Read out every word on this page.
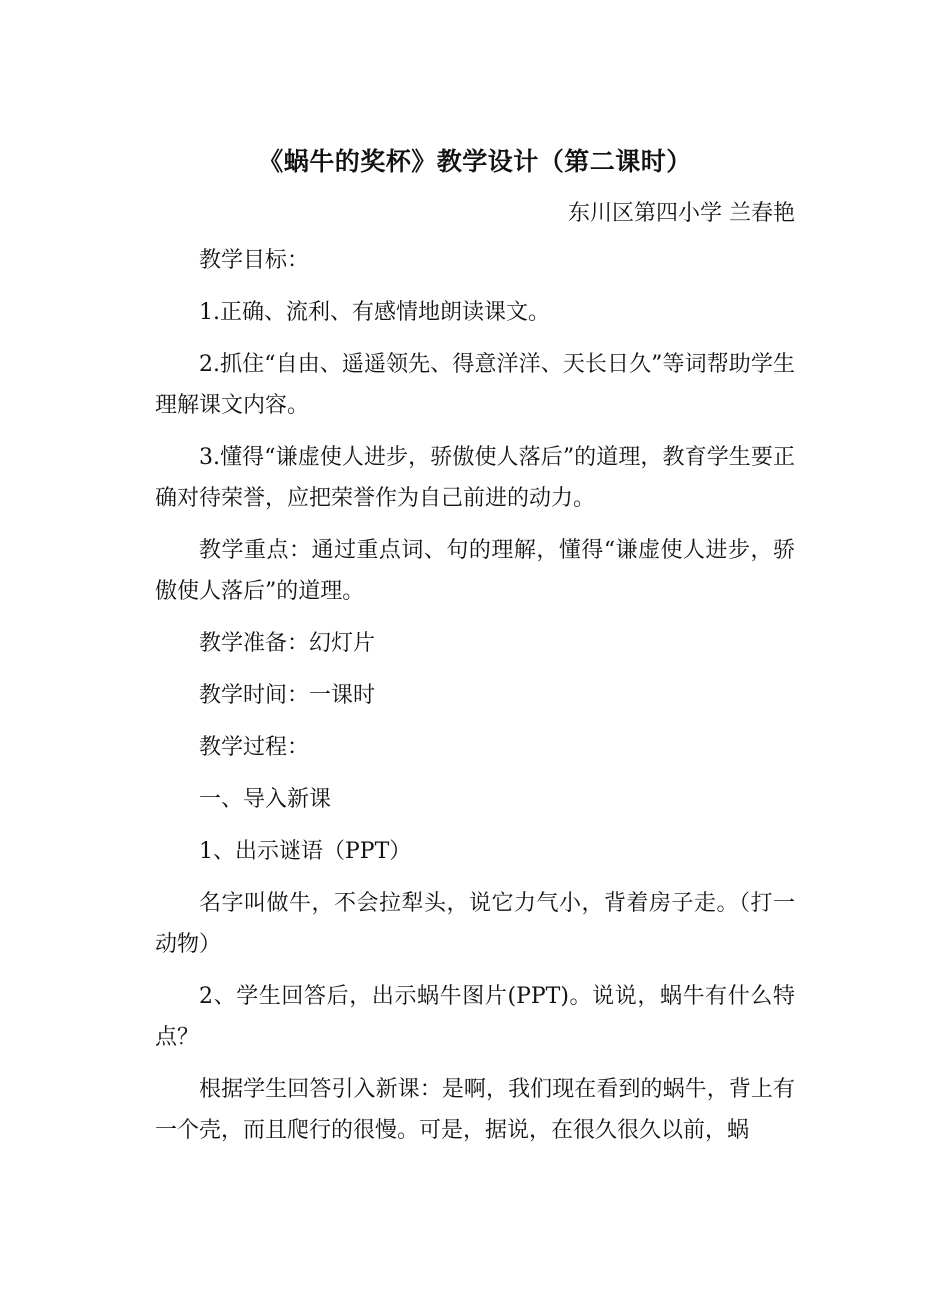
《蜗牛的奖杯》教学设计（第二课时）
东川区第四小学 兰春艳

教学目标：

1.正确、流利、有感情地朗读课文。

2.抓住“自由、遥遥领先、得意洋洋、天长日久”等词帮助学生理解课文内容。

3.懂得“谦虚使人进步，骄傲使人落后”的道理，教育学生要正确对待荣誉，应把荣誉作为自己前进的动力。

教学重点：通过重点词、句的理解，懂得“谦虚使人进步，骄傲使人落后”的道理。

教学准备：幻灯片

教学时间：一课时

教学过程：

一、导入新课

1、出示谜语（PPT）

名字叫做牛，不会拉犁头，说它力气小，背着房子走。（打一动物）

2、学生回答后，出示蜗牛图片(PPT)。说说，蜗牛有什么特点？

根据学生回答引入新课：是啊，我们现在看到的蜗牛，背上有一个壳，而且爬行的很慢。可是，据说，在很久很久以前，蜗
